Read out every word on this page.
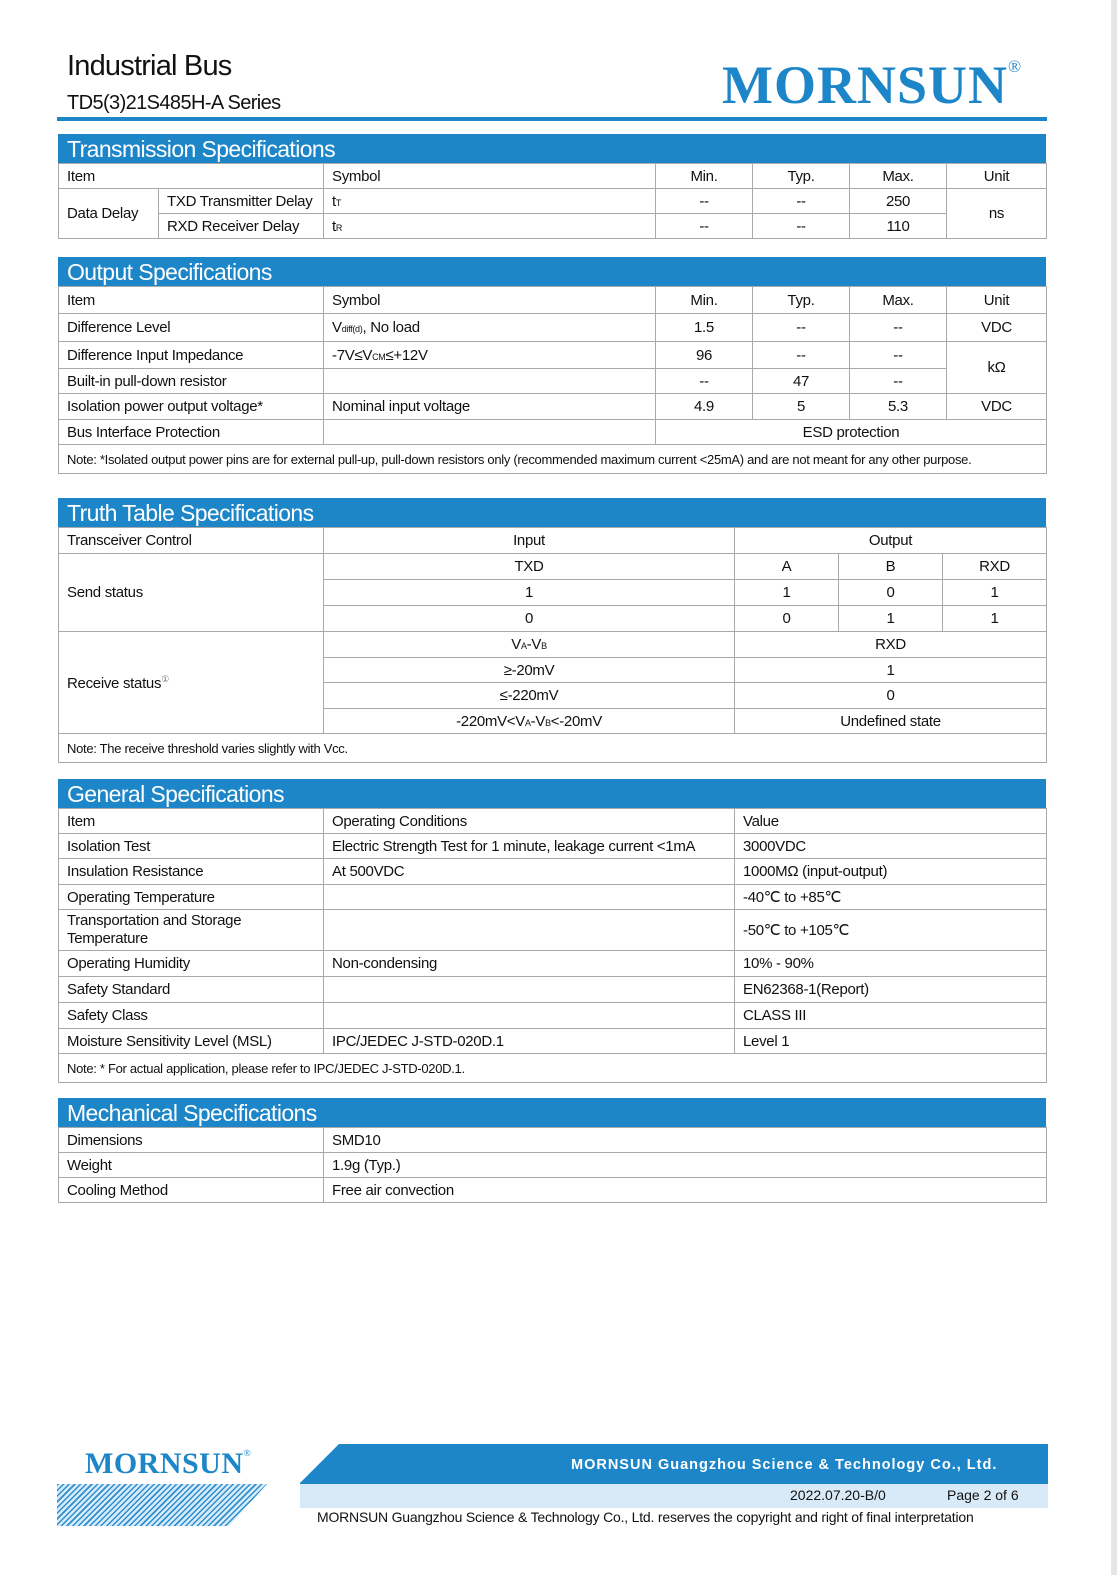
Industrial Bus
TD5(3)21S485H-A Series	MORNSUN®
Transmission Specifications
Item		Symbol	Min.	Typ.	Max.	Unit
Data Delay	TXD Transmitter Delay	tT	--	--	250	ns
	RXD Receiver Delay	tR	--	--	110	
Output Specifications
Item	Symbol	Min.	Typ.	Max.	Unit
Difference Level	Vdiff(d), No load	1.5	--	--	VDC
Difference Input Impedance	-7V≤VCM≤+12V	96	--	--	kΩ
Built-in pull-down resistor		--	47	--	
Isolation power output voltage*	Nominal input voltage	4.9	5	5.3	VDC
Bus Interface Protection		ESD protection			
Note: *Isolated output power pins are for external pull-up, pull-down resistors only (recommended maximum current <25mA) and are not meant for any other purpose.					
Truth Table Specifications
Transceiver Control	Input	Output		
Send status	TXD	A	B	RXD
	1	1	0	1
	0	0	1	1
Receive status①	VA-VB	RXD		
	≥-20mV	1		
	≤-220mV	0		
	-220mV<VA-VB<-20mV	Undefined state		
Note: The receive threshold varies slightly with Vcc.				
General Specifications
Item	Operating Conditions	Value
Isolation Test	Electric Strength Test for 1 minute, leakage current <1mA	3000VDC
Insulation Resistance	At 500VDC	1000MΩ (input-output)
Operating Temperature		-40℃ to +85℃
Transportation and Storage Temperature		-50℃ to +105℃
Operating Humidity	Non-condensing	10% - 90%
Safety Standard		EN62368-1(Report)
Safety Class		CLASS III
Moisture Sensitivity Level (MSL)	IPC/JEDEC J-STD-020D.1	Level 1
Note: * For actual application, please refer to IPC/JEDEC J-STD-020D.1.		
Mechanical Specifications
Dimensions	SMD10
Weight	1.9g (Typ.)
Cooling Method	Free air convection
MORNSUN Guangzhou Science & Technology Co., Ltd.
MORNSUN®
2022.07.20-B/0	Page 2 of 6
MORNSUN Guangzhou Science & Technology Co., Ltd. reserves the copyright and right of final interpretation
